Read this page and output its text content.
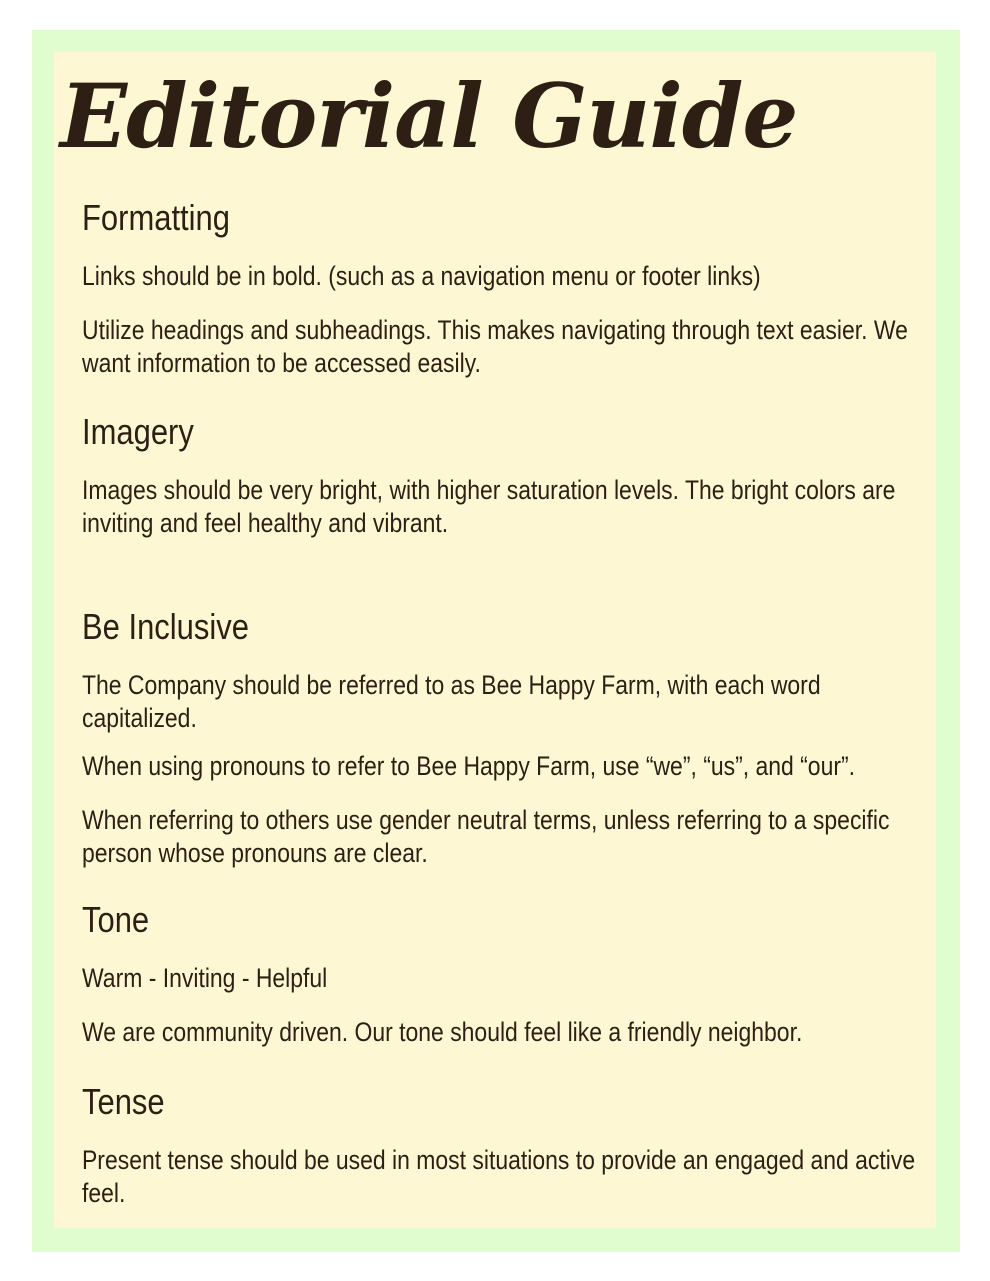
Editorial Guide
Formatting

Links should be in bold. (such as a navigation menu or footer links)

Utilize headings and subheadings. This makes navigating through text easier. We want information to be accessed easily.

Imagery

Images should be very bright, with higher saturation levels. The bright colors are inviting and feel healthy and vibrant.

Be Inclusive

The Company should be referred to as Bee Happy Farm, with each word capitalized.

When using pronouns to refer to Bee Happy Farm, use “we”, “us”, and “our”.

When referring to others use gender neutral terms, unless referring to a specific person whose pronouns are clear.

Tone

Warm - Inviting - Helpful

We are community driven. Our tone should feel like a friendly neighbor.

Tense

Present tense should be used in most situations to provide an engaged and active feel.
